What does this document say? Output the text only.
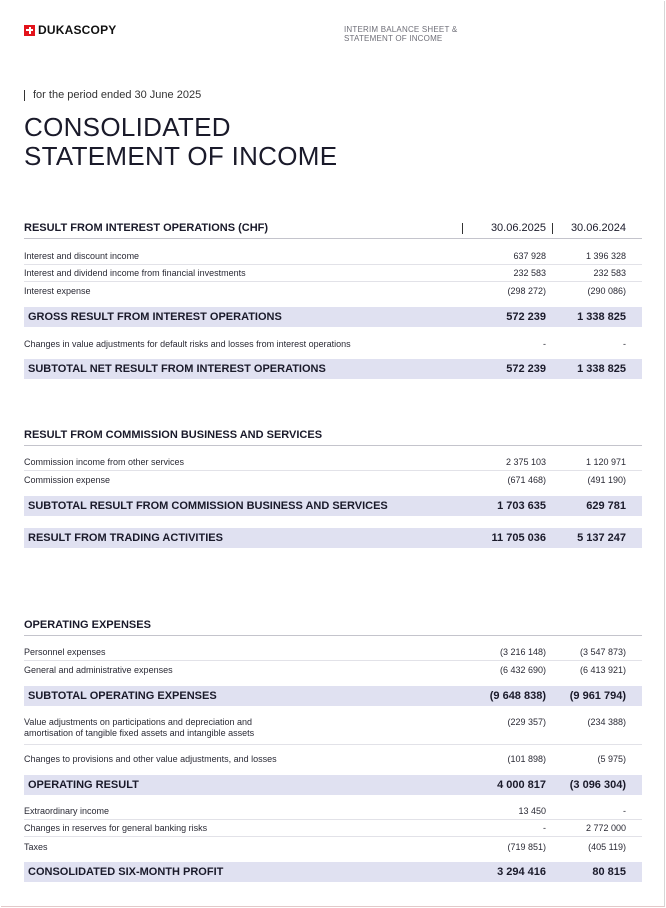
DUKASCOPY	INTERIM BALANCE SHEET &
STATEMENT OF INCOME
for the period ended 30 June 2025
CONSOLIDATED
STATEMENT OF INCOME
RESULT FROM INTEREST OPERATIONS (CHF)	30.06.2025	30.06.2024
Interest and discount income	637 928	1 396 328
Interest and dividend income from financial investments	232 583	232 583
Interest expense	(298 272)	(290 086)
GROSS RESULT FROM INTEREST OPERATIONS	572 239	1 338 825
Changes in value adjustments for default risks and losses from interest operations	-	-
SUBTOTAL NET RESULT FROM INTEREST OPERATIONS	572 239	1 338 825
RESULT FROM COMMISSION BUSINESS AND SERVICES
Commission income from other services	2 375 103	1 120 971
Commission expense	(671 468)	(491 190)
SUBTOTAL RESULT FROM COMMISSION BUSINESS AND SERVICES	1 703 635	629 781
RESULT FROM TRADING ACTIVITIES	11 705 036	5 137 247
OPERATING EXPENSES
Personnel expenses	(3 216 148)	(3 547 873)
General and administrative expenses	(6 432 690)	(6 413 921)
SUBTOTAL OPERATING EXPENSES	(9 648 838)	(9 961 794)
Value adjustments on participations and depreciation and
amortisation of tangible fixed assets and intangible assets
(229 357)	(234 388)
Changes to provisions and other value adjustments, and losses	(101 898)	(5 975)
OPERATING RESULT	4 000 817	(3 096 304)
Extraordinary income	13 450	-
Changes in reserves for general banking risks	-	2 772 000
Taxes	(719 851)	(405 119)
CONSOLIDATED SIX-MONTH PROFIT	3 294 416	80 815
